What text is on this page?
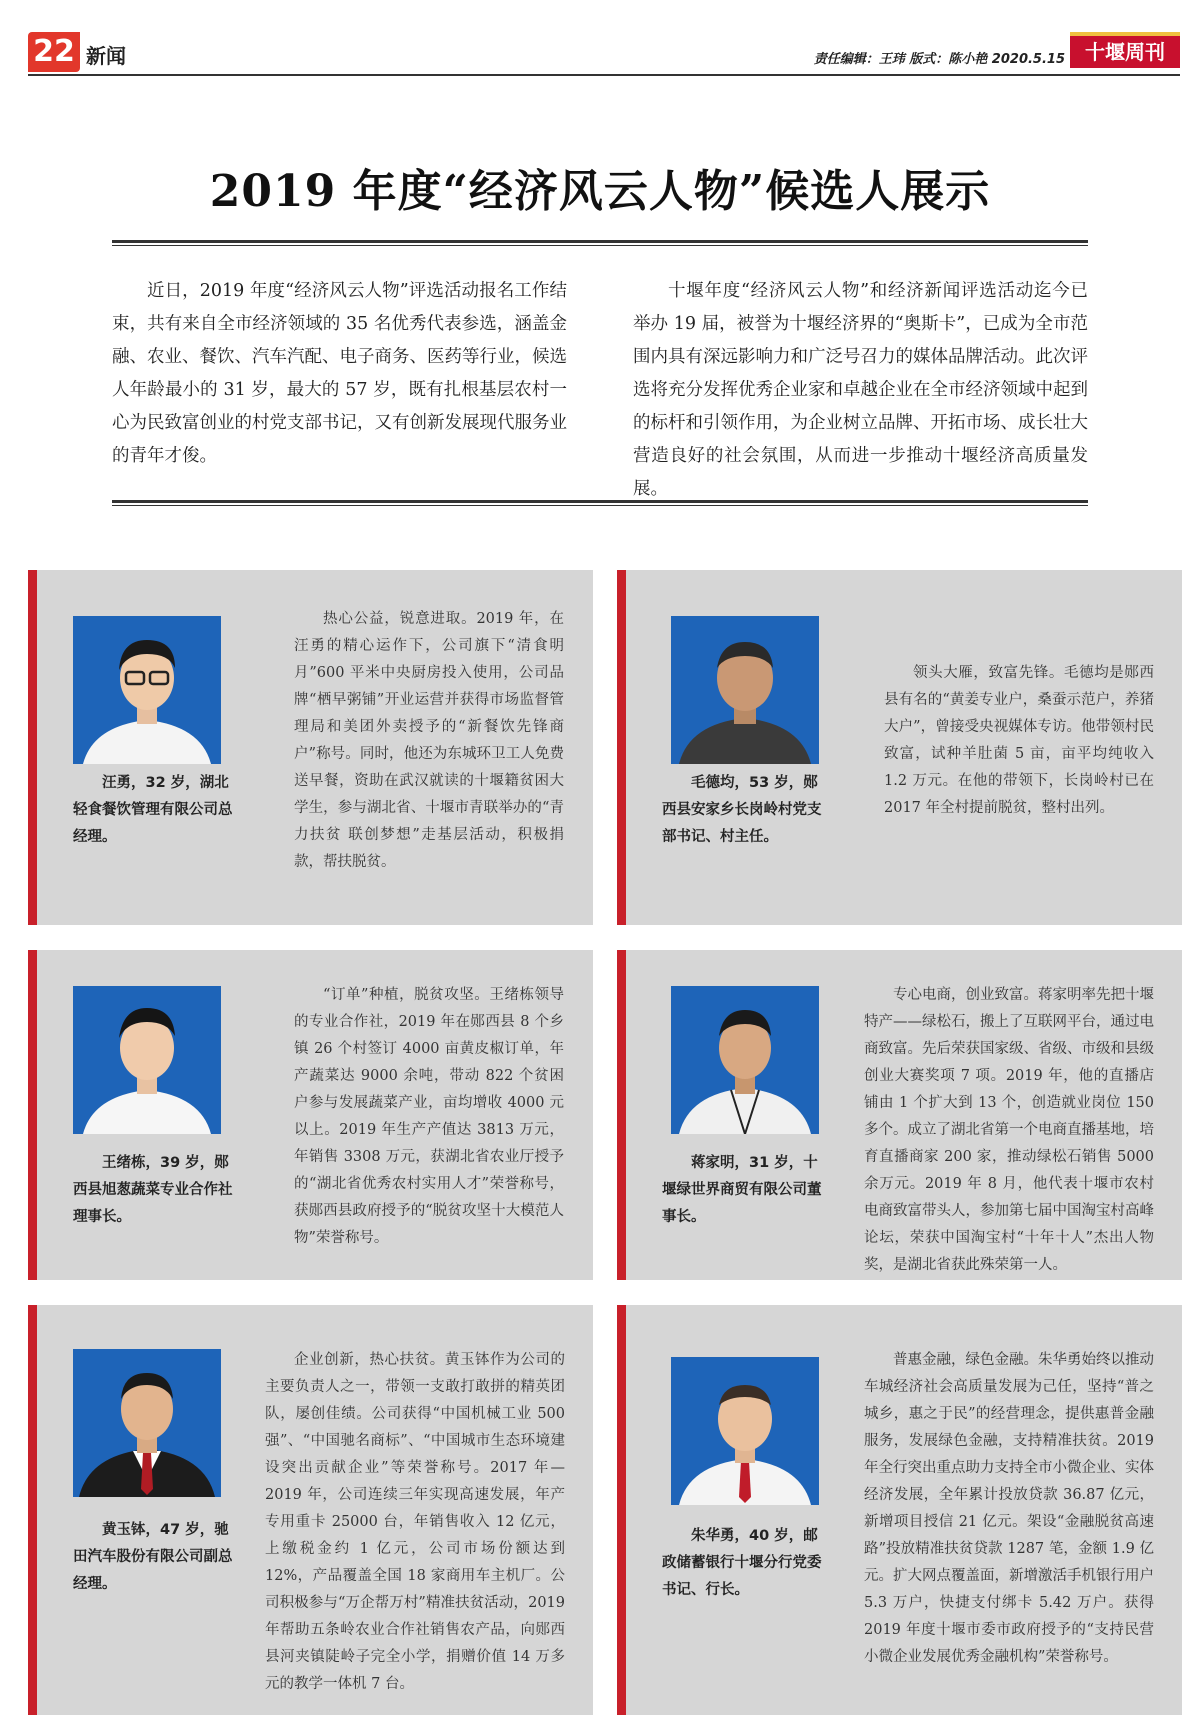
22 新闻	责任编辑：王玮 版式：陈小艳 2020.5.15	十堰周刊
2019 年度“经济风云人物”候选人展示

近日，2019 年度“经济风云人物”评选活动报名工作结束，共有来自全市经济领域的 35 名优秀代表参选，涵盖金融、农业、餐饮、汽车汽配、电子商务、医药等行业，候选人年龄最小的 31 岁，最大的 57 岁，既有扎根基层农村一心为民致富创业的村党支部书记，又有创新发展现代服务业的青年才俊。

十堰年度“经济风云人物”和经济新闻评选活动迄今已举办 19 届，被誉为十堰经济界的“奥斯卡”，已成为全市范围内具有深远影响力和广泛号召力的媒体品牌活动。此次评选将充分发挥优秀企业家和卓越企业在全市经济领域中起到的标杆和引领作用，为企业树立品牌、开拓市场、成长壮大营造良好的社会氛围，从而进一步推动十堰经济高质量发展。

汪勇，32 岁，湖北轻食餐饮管理有限公司总经理。
热心公益，锐意进取。2019 年，在汪勇的精心运作下，公司旗下“清食明月”600 平米中央厨房投入使用，公司品牌“栖早粥铺”开业运营并获得市场监督管理局和美团外卖授予的“新餐饮先锋商户”称号。同时，他还为东城环卫工人免费送早餐，资助在武汉就读的十堰籍贫困大学生，参与湖北省、十堰市青联举办的“青力扶贫 联创梦想”走基层活动，积极捐款，帮扶脱贫。
毛德均，53 岁，郧西县安家乡长岗岭村党支部书记、村主任。
领头大雁，致富先锋。毛德均是郧西县有名的“黄姜专业户，桑蚕示范户，养猪大户”，曾接受央视媒体专访。他带领村民致富，试种羊肚菌 5 亩，亩平均纯收入 1.2 万元。在他的带领下，长岗岭村已在 2017 年全村提前脱贫，整村出列。
王绪栋，39 岁，郧西县旭葱蔬菜专业合作社理事长。
“订单”种植，脱贫攻坚。王绪栋领导的专业合作社，2019 年在郧西县 8 个乡镇 26 个村签订 4000 亩黄皮椒订单，年产蔬菜达 9000 余吨，带动 822 个贫困户参与发展蔬菜产业，亩均增收 4000 元以上。2019 年生产产值达 3813 万元，年销售 3308 万元，获湖北省农业厅授予的“湖北省优秀农村实用人才”荣誉称号，获郧西县政府授予的“脱贫攻坚十大模范人物”荣誉称号。
蒋家明，31 岁，十堰绿世界商贸有限公司董事长。
专心电商，创业致富。蒋家明率先把十堰特产——绿松石，搬上了互联网平台，通过电商致富。先后荣获国家级、省级、市级和县级创业大赛奖项 7 项。2019 年，他的直播店铺由 1 个扩大到 13 个，创造就业岗位 150 多个。成立了湖北省第一个电商直播基地，培育直播商家 200 家，推动绿松石销售 5000 余万元。2019 年 8 月，他代表十堰市农村电商致富带头人，参加第七届中国淘宝村高峰论坛，荣获中国淘宝村“十年十人”杰出人物奖，是湖北省获此殊荣第一人。
黄玉钵，47 岁，驰田汽车股份有限公司副总经理。
企业创新，热心扶贫。黄玉钵作为公司的主要负责人之一，带领一支敢打敢拼的精英团队，屡创佳绩。公司获得“中国机械工业 500 强”、“中国驰名商标”、“中国城市生态环境建设突出贡献企业”等荣誉称号。2017 年—2019 年，公司连续三年实现高速发展，年产专用重卡 25000 台，年销售收入 12 亿元，上缴税金约 1 亿元，公司市场份额达到 12%，产品覆盖全国 18 家商用车主机厂。公司积极参与“万企帮万村”精准扶贫活动，2019 年帮助五条岭农业合作社销售农产品，向郧西县河夹镇陡岭子完全小学，捐赠价值 14 万多元的教学一体机 7 台。
朱华勇，40 岁，邮政储蓄银行十堰分行党委书记、行长。
普惠金融，绿色金融。朱华勇始终以推动车城经济社会高质量发展为己任，坚持“普之城乡，惠之于民”的经营理念，提供惠普金融服务，发展绿色金融，支持精准扶贫。2019 年全行突出重点助力支持全市小微企业、实体经济发展，全年累计投放贷款 36.87 亿元，新增项目授信 21 亿元。架设“金融脱贫高速路”投放精准扶贫贷款 1287 笔，金额 1.9 亿元。扩大网点覆盖面，新增激活手机银行用户 5.3 万户，快捷支付绑卡 5.42 万户。获得 2019 年度十堰市委市政府授予的“支持民营小微企业发展优秀金融机构”荣誉称号。
